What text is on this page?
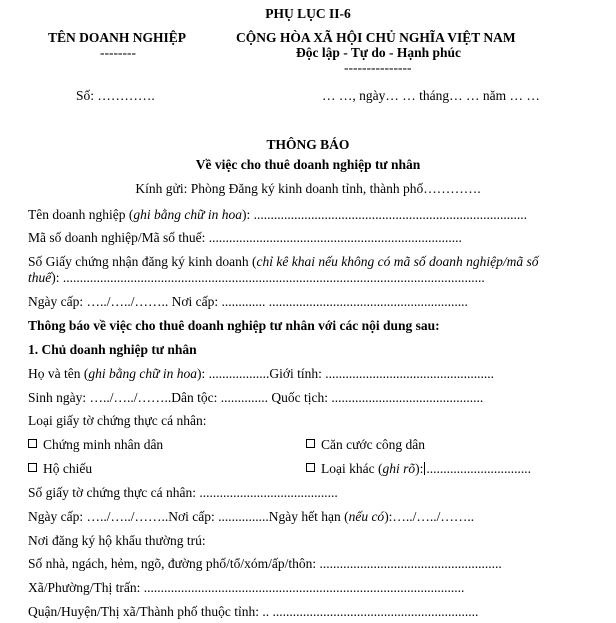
PHỤ LỤC II-6
TÊN DOANH NGHIỆP
--------
CỘNG HÒA XÃ HỘI CHỦ NGHĨA VIỆT NAM
Độc lập - Tự do - Hạnh phúc
---------------
Số: ………….	… …, ngày… … tháng… … năm … …
THÔNG BÁO
Về việc cho thuê doanh nghiệp tư nhân
Kính gửi: Phòng Đăng ký kinh doanh tỉnh, thành phố………….
Tên doanh nghiệp (ghi bằng chữ in hoa): .................................................................................
Mã số doanh nghiệp/Mã số thuế: ...........................................................................
Số Giấy chứng nhận đăng ký kinh doanh (chỉ kê khai nếu không có mã số doanh nghiệp/mã số
thuế): .............................................................................................................................
Ngày cấp: …../…../…….. Nơi cấp: ............. ...........................................................
Thông báo về việc cho thuê doanh nghiệp tư nhân với các nội dung sau:
1. Chủ doanh nghiệp tư nhân
Họ và tên (ghi bằng chữ in hoa): ..................Giới tính: ..................................................
Sinh ngày: …../…../……..Dân tộc: .............. Quốc tịch: .............................................
Loại giấy tờ chứng thực cá nhân:
Chứng minh nhân dân	Căn cước công dân
Hộ chiếu	Loại khác (ghi rõ): ...............................
Số giấy tờ chứng thực cá nhân: .........................................
Ngày cấp: …../…../……..Nơi cấp: ...............Ngày hết hạn (nếu có):…../…../……..
Nơi đăng ký hộ khẩu thường trú:
Số nhà, ngách, hẻm, ngõ, đường phố/tổ/xóm/ấp/thôn: ......................................................
Xã/Phường/Thị trấn: ...............................................................................................
Quận/Huyện/Thị xã/Thành phố thuộc tỉnh: .. .............................................................
